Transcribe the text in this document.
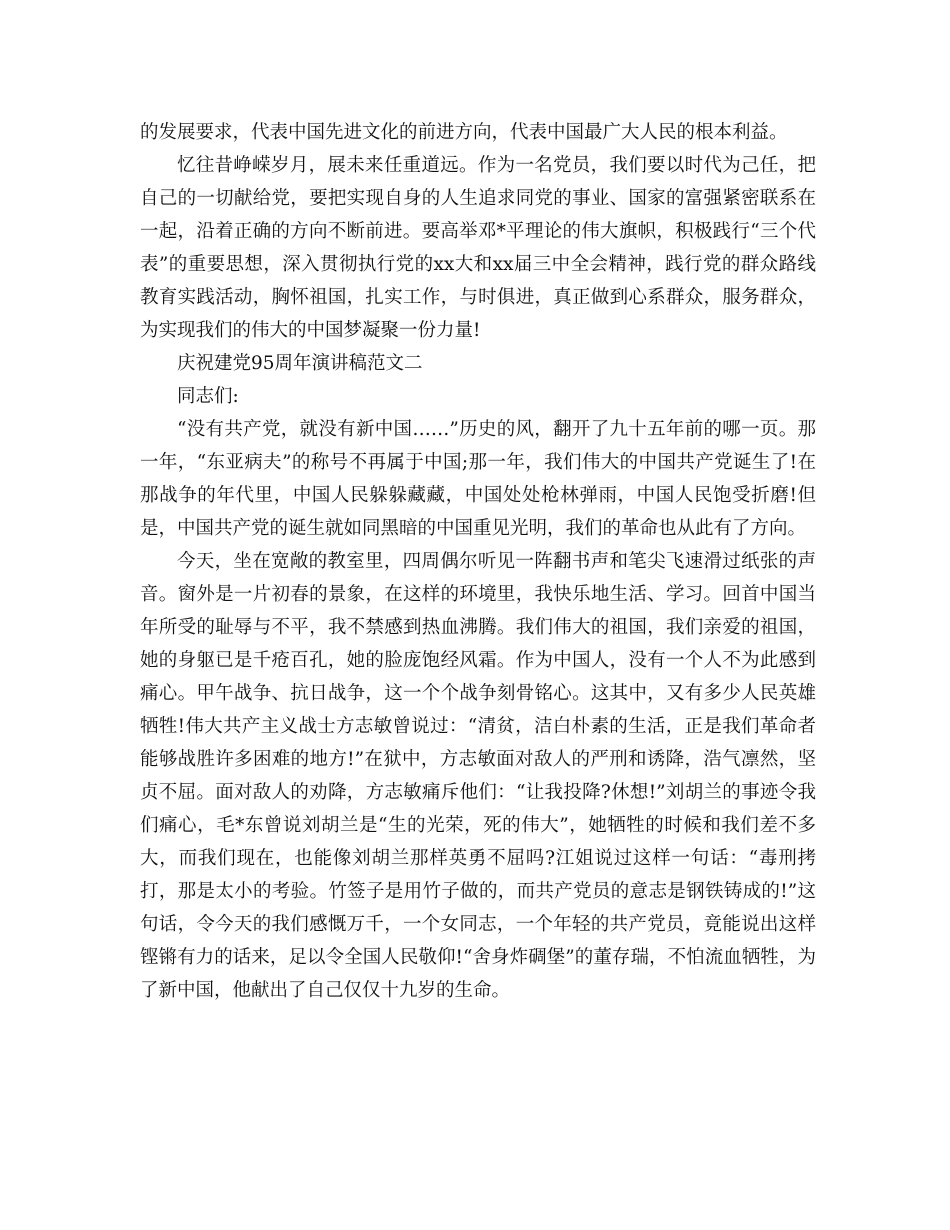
的发展要求，代表中国先进文化的前进方向，代表中国最广大人民的根本利益。

忆往昔峥嵘岁月，展未来任重道远。作为一名党员，我们要以时代为己任，把自己的一切献给党，要把实现自身的人生追求同党的事业、国家的富强紧密联系在一起，沿着正确的方向不断前进。要高举邓*平理论的伟大旗帜，积极践行“三个代表”的重要思想，深入贯彻执行党的xx大和xx届三中全会精神，践行党的群众路线教育实践活动，胸怀祖国，扎实工作，与时俱进，真正做到心系群众，服务群众，为实现我们的伟大的中国梦凝聚一份力量!

庆祝建党95周年演讲稿范文二

同志们:

“没有共产党，就没有新中国……”历史的风，翻开了九十五年前的哪一页。那一年，“东亚病夫”的称号不再属于中国;那一年，我们伟大的中国共产党诞生了!在那战争的年代里，中国人民躲躲藏藏，中国处处枪林弹雨，中国人民饱受折磨!但是，中国共产党的诞生就如同黑暗的中国重见光明，我们的革命也从此有了方向。

今天，坐在宽敞的教室里，四周偶尔听见一阵翻书声和笔尖飞速滑过纸张的声音。窗外是一片初春的景象，在这样的环境里，我快乐地生活、学习。回首中国当年所受的耻辱与不平，我不禁感到热血沸腾。我们伟大的祖国，我们亲爱的祖国，她的身躯已是千疮百孔，她的脸庞饱经风霜。作为中国人，没有一个人不为此感到痛心。甲午战争、抗日战争，这一个个战争刻骨铭心。这其中，又有多少人民英雄牺牲!伟大共产主义战士方志敏曾说过：“清贫，洁白朴素的生活，正是我们革命者能够战胜许多困难的地方!”在狱中，方志敏面对敌人的严刑和诱降，浩气凛然，坚贞不屈。面对敌人的劝降，方志敏痛斥他们：“让我投降?休想!”刘胡兰的事迹令我们痛心，毛*东曾说刘胡兰是“生的光荣，死的伟大”，她牺牲的时候和我们差不多大，而我们现在，也能像刘胡兰那样英勇不屈吗?江姐说过这样一句话：“毒刑拷打，那是太小的考验。竹签子是用竹子做的，而共产党员的意志是钢铁铸成的!”这句话，令今天的我们感慨万千，一个女同志，一个年轻的共产党员，竟能说出这样铿锵有力的话来，足以令全国人民敬仰!“舍身炸碉堡”的董存瑞，不怕流血牺牲，为了新中国，他献出了自己仅仅十九岁的生命。
